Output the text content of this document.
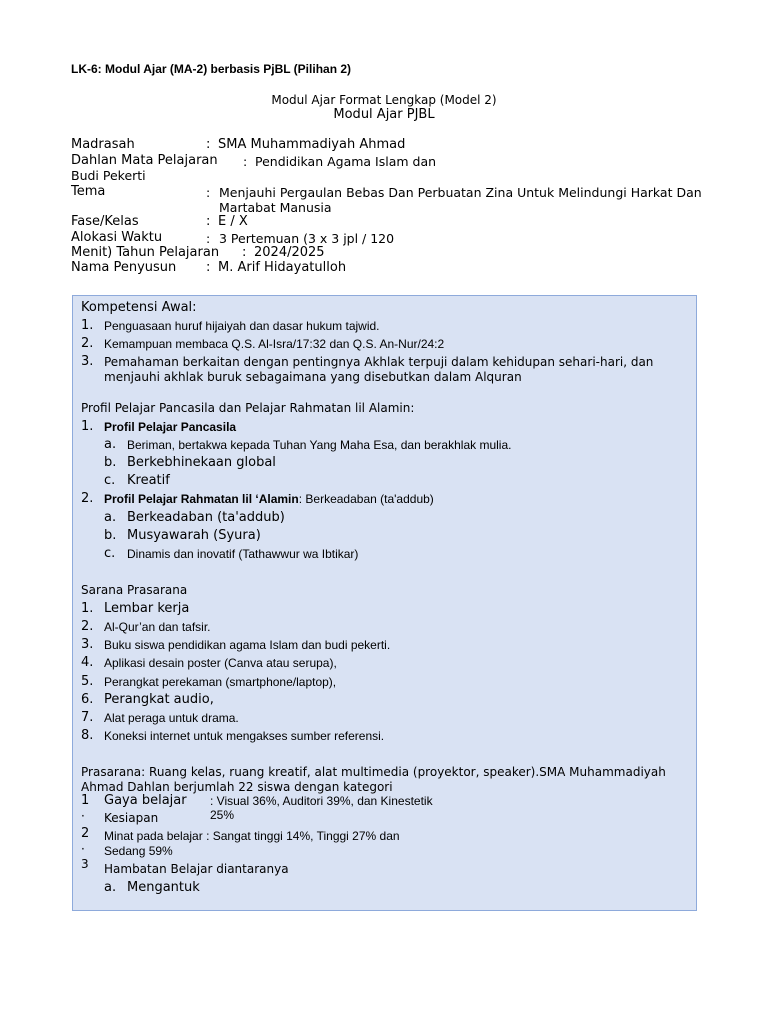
LK-6: Modul Ajar (MA-2) berbasis PjBL (Pilihan 2)
Modul Ajar Format Lengkap (Model 2)
Modul Ajar PJBL
Madrasah	: SMA Muhammadiyah Ahmad
Dahlan Mata Pelajaran : Pendidikan Agama Islam dan
Budi Pekerti
Tema	: Menjauhi Pergaulan Bebas Dan Perbuatan Zina Untuk Melindungi Harkat Dan
Martabat Manusia
Fase/Kelas	: E / X
Alokasi Waktu	: 3 Pertemuan (3 x 3 jpl / 120
Menit) Tahun Pelajaran : 2024/2025
Nama Penyusun : M. Arif Hidayatulloh
Kompetensi Awal:
1. Penguasaan huruf hijaiyah dan dasar hukum tajwid.
2. Kemampuan membaca Q.S. Al-Isra/17:32 dan Q.S. An-Nur/24:2
3. Pemahaman berkaitan dengan pentingnya Akhlak terpuji dalam kehidupan sehari-hari, dan
menjauhi akhlak buruk sebagaimana yang disebutkan dalam Alquran
Profil Pelajar Pancasila dan Pelajar Rahmatan lil Alamin:
1. Profil Pelajar Pancasila
a. Beriman, bertakwa kepada Tuhan Yang Maha Esa, dan berakhlak mulia.
b. Berkebhinekaan global
c. Kreatif
2. Profil Pelajar Rahmatan lil ‘Alamin: Berkeadaban (ta'addub)
a. Berkeadaban (ta'addub)
b. Musyawarah (Syura)
c. Dinamis dan inovatif (Tathawwur wa Ibtikar)
Sarana Prasarana
1. Lembar kerja
2. Al-Qur’an dan tafsir.
3. Buku siswa pendidikan agama Islam dan budi pekerti.
4. Aplikasi desain poster (Canva atau serupa),
5. Perangkat perekaman (smartphone/laptop),
6. Perangkat audio,
7. Alat peraga untuk drama.
8. Koneksi internet untuk mengakses sumber referensi.
Prasarana: Ruang kelas, ruang kreatif, alat multimedia (proyektor, speaker).SMA Muhammadiyah
Ahmad Dahlan berjumlah 22 siswa dengan kategori
1 Gaya belajar : Visual 36%, Auditori 39%, dan Kinestetik
25%
· Kesiapan
2 Minat pada belajar : Sangat tinggi 14%, Tinggi 27% dan
· Sedang 59%
3 Hambatan Belajar diantaranya
a. Mengantuk
